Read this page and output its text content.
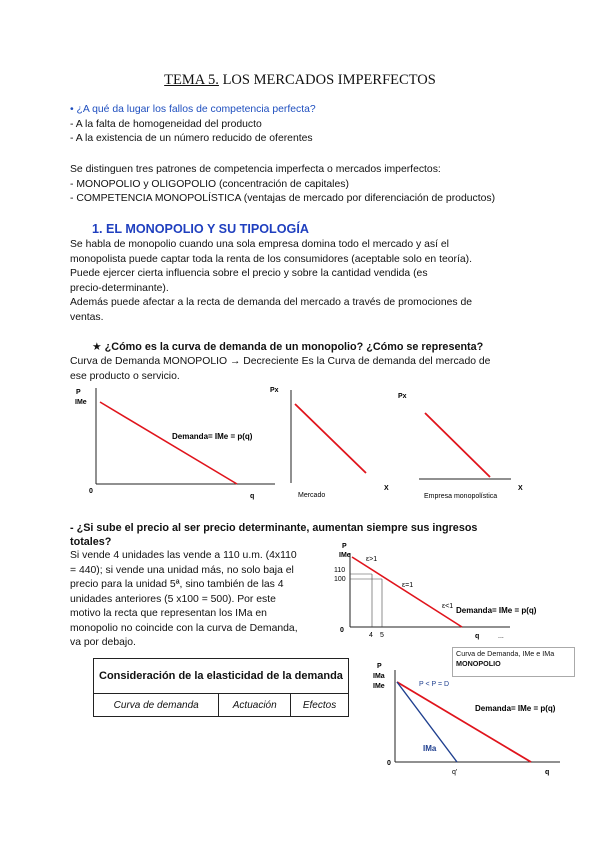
TEMA 5. LOS MERCADOS IMPERFECTOS
• ¿A qué da lugar los fallos de competencia perfecta?
- A la falta de homogeneidad del producto
- A la existencia de un número reducido de oferentes
Se distinguen tres patrones de competencia imperfecta o mercados imperfectos:
- MONOPOLIO y OLIGOPOLIO (concentración de capitales)
- COMPETENCIA MONOPOLÍSTICA (ventajas de mercado por diferenciación de productos)
1. EL MONOPOLIO Y SU TIPOLOGÍA
Se habla de monopolio cuando una sola empresa domina todo el mercado y así el
monopolista puede captar toda la renta de los consumidores (aceptable solo en teoría).
Puede ejercer cierta influencia sobre el precio y sobre la cantidad vendida (es
precio-determinante).
Además puede afectar a la recta de demanda del mercado a través de promociones de
ventas.
★ ¿Cómo es la curva de demanda de un monopolio? ¿Cómo se representa?
Curva de Demanda MONOPOLIO → Decreciente Es la Curva de demanda del mercado de
ese producto o servicio.
P
IMe
0
q
Demanda= IMe = p(q)
Px
X
Mercado
Px
X
Empresa monopolística
- ¿Si sube el precio al ser precio determinante, aumentan siempre sus ingresos
totales?
Si vende 4 unidades las vende a 110 u.m. (4x110
= 440); si vende una unidad más, no solo baja el
precio para la unidad 5ª, sino también de las 4
unidades anteriores (5 x100 = 500). Por este
motivo la recta que representan los IMa en
monopolio no coincide con la curva de Demanda,
va por debajo.
P
IMe
110
100
4 5
0
q	...
ε>1
ε=1
ε<1 Demanda= IMe = p(q)
Curva de Demanda, IMe e IMa
MONOPOLIO
Consideración de la elasticidad de la demanda
Curva de demanda	Actuación	Efectos
P
IMa
IMe	P < P = D
Demanda= IMe = p(q)
IMa
0
q'	q
